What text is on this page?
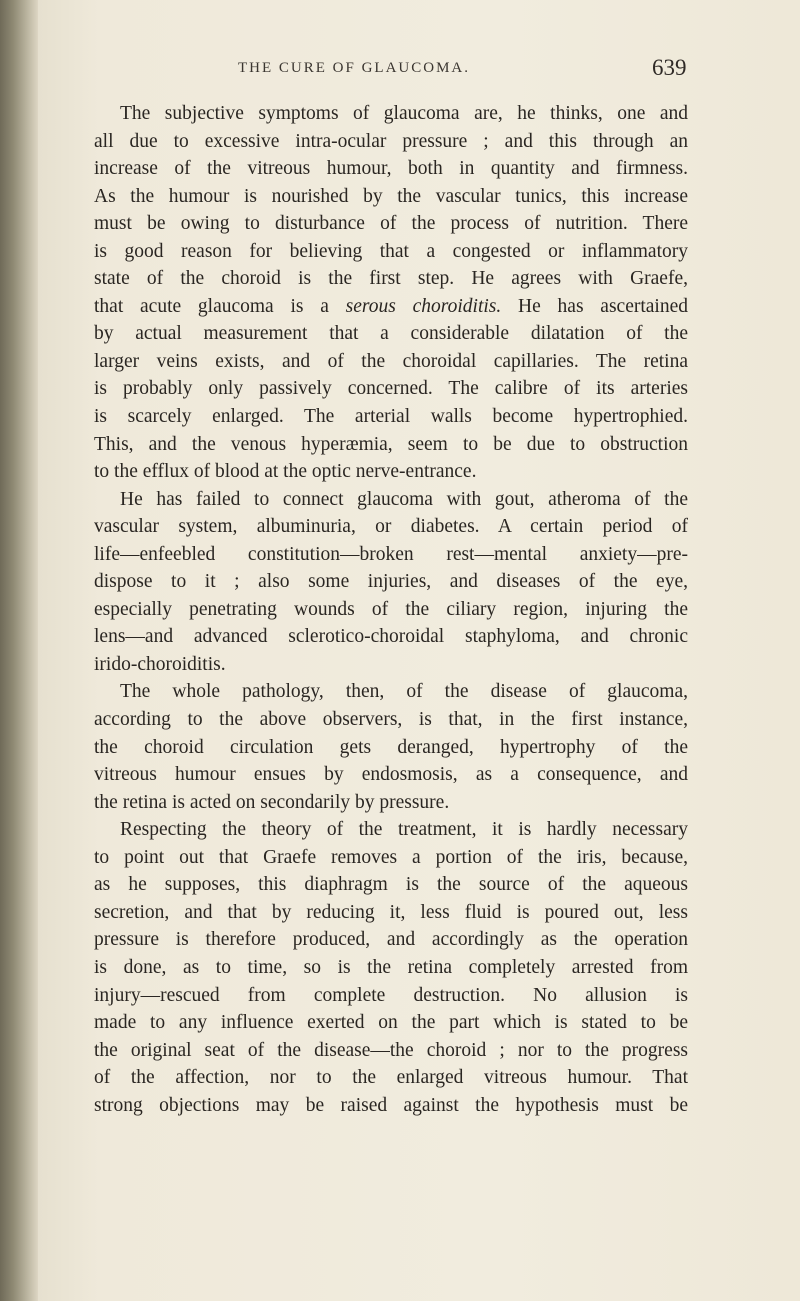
THE CURE OF GLAUCOMA.	639
The subjective symptoms of glaucoma are, he thinks, one and
all due to excessive intra-ocular pressure ; and this through an
increase of the vitreous humour, both in quantity and firmness.
As the humour is nourished by the vascular tunics, this increase
must be owing to disturbance of the process of nutrition. There
is good reason for believing that a congested or inflammatory
state of the choroid is the first step. He agrees with Graefe,
that acute glaucoma is a serous choroiditis. He has ascertained
by actual measurement that a considerable dilatation of the
larger veins exists, and of the choroidal capillaries. The retina
is probably only passively concerned. The calibre of its arteries
is scarcely enlarged. The arterial walls become hypertrophied.
This, and the venous hyperæmia, seem to be due to obstruction
to the efflux of blood at the optic nerve-entrance.
He has failed to connect glaucoma with gout, atheroma of the
vascular system, albuminuria, or diabetes. A certain period of
life—enfeebled constitution—broken rest—mental anxiety—pre-
dispose to it ; also some injuries, and diseases of the eye,
especially penetrating wounds of the ciliary region, injuring the
lens—and advanced sclerotico-choroidal staphyloma, and chronic
irido-choroiditis.
The whole pathology, then, of the disease of glaucoma,
according to the above observers, is that, in the first instance,
the choroid circulation gets deranged, hypertrophy of the
vitreous humour ensues by endosmosis, as a consequence, and
the retina is acted on secondarily by pressure.
Respecting the theory of the treatment, it is hardly necessary
to point out that Graefe removes a portion of the iris, because,
as he supposes, this diaphragm is the source of the aqueous
secretion, and that by reducing it, less fluid is poured out, less
pressure is therefore produced, and accordingly as the operation
is done, as to time, so is the retina completely arrested from
injury—rescued from complete destruction. No allusion is
made to any influence exerted on the part which is stated to be
the original seat of the disease—the choroid ; nor to the progress
of the affection, nor to the enlarged vitreous humour. That
strong objections may be raised against the hypothesis must be
